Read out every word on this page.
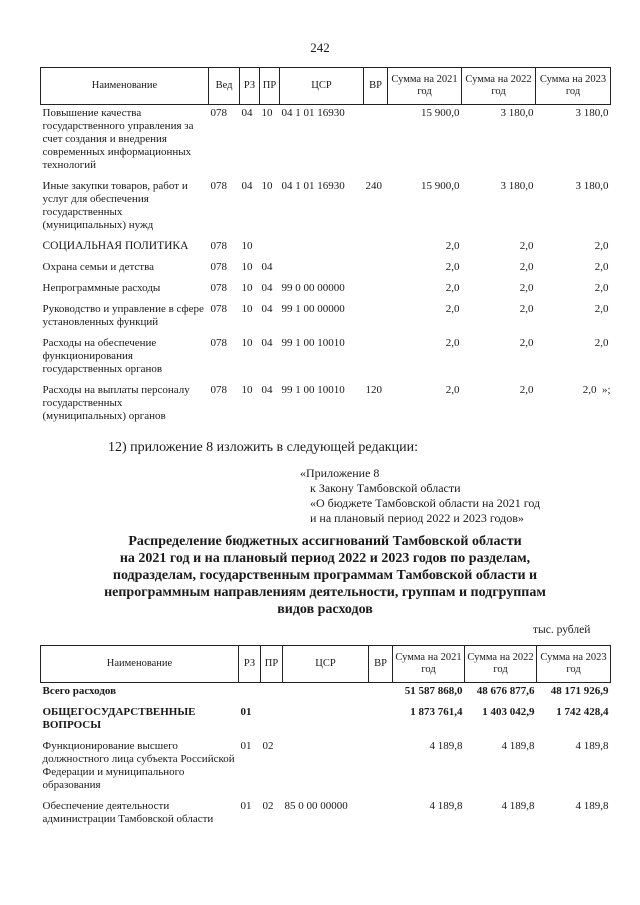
242
Наименование	Вед	РЗ	ПР	ЦСР	ВР	Сумма на 2021 год	Сумма на 2022 год	Сумма на 2023 год
Повышение качества государственного управления за счет создания и внедрения современных информационных технологий	078	04	10	04 1 01 16930		15 900,0	3 180,0	3 180,0
Иные закупки товаров, работ и услуг для обеспечения государственных (муниципальных) нужд	078	04	10	04 1 01 16930	240	15 900,0	3 180,0	3 180,0
СОЦИАЛЬНАЯ ПОЛИТИКА	078	10				2,0	2,0	2,0
Охрана семьи и детства	078	10	04			2,0	2,0	2,0
Непрограммные расходы	078	10	04	99 0 00 00000		2,0	2,0	2,0
Руководство и управление в сфере установленных функций	078	10	04	99 1 00 00000		2,0	2,0	2,0
Расходы на обеспечение функционирования государственных органов	078	10	04	99 1 00 10010		2,0	2,0	2,0
Расходы на выплаты персоналу государственных (муниципальных) органов	078	10	04	99 1 00 10010	120	2,0	2,0	2,0 »;
12) приложение 8 изложить в следующей редакции:
«Приложение 8
к Закону Тамбовской области
«О бюджете Тамбовской области на 2021 год
и на плановый период 2022 и 2023 годов»
Распределение бюджетных ассигнований Тамбовской области
на 2021 год и на плановый период 2022 и 2023 годов по разделам,
подразделам, государственным программам Тамбовской области и
непрограммным направлениям деятельности, группам и подгруппам
видов расходов
тыс. рублей
Наименование	РЗ	ПР	ЦСР	ВР	Сумма на 2021 год	Сумма на 2022 год	Сумма на 2023 год
Всего расходов					51 587 868,0	48 676 877,6	48 171 926,9
ОБЩЕГОСУДАРСТВЕННЫЕ ВОПРОСЫ	01				1 873 761,4	1 403 042,9	1 742 428,4
Функционирование высшего должностного лица субъекта Российской Федерации и муниципального образования	01	02			4 189,8	4 189,8	4 189,8
Обеспечение деятельности администрации Тамбовской области	01	02	85 0 00 00000		4 189,8	4 189,8	4 189,8
